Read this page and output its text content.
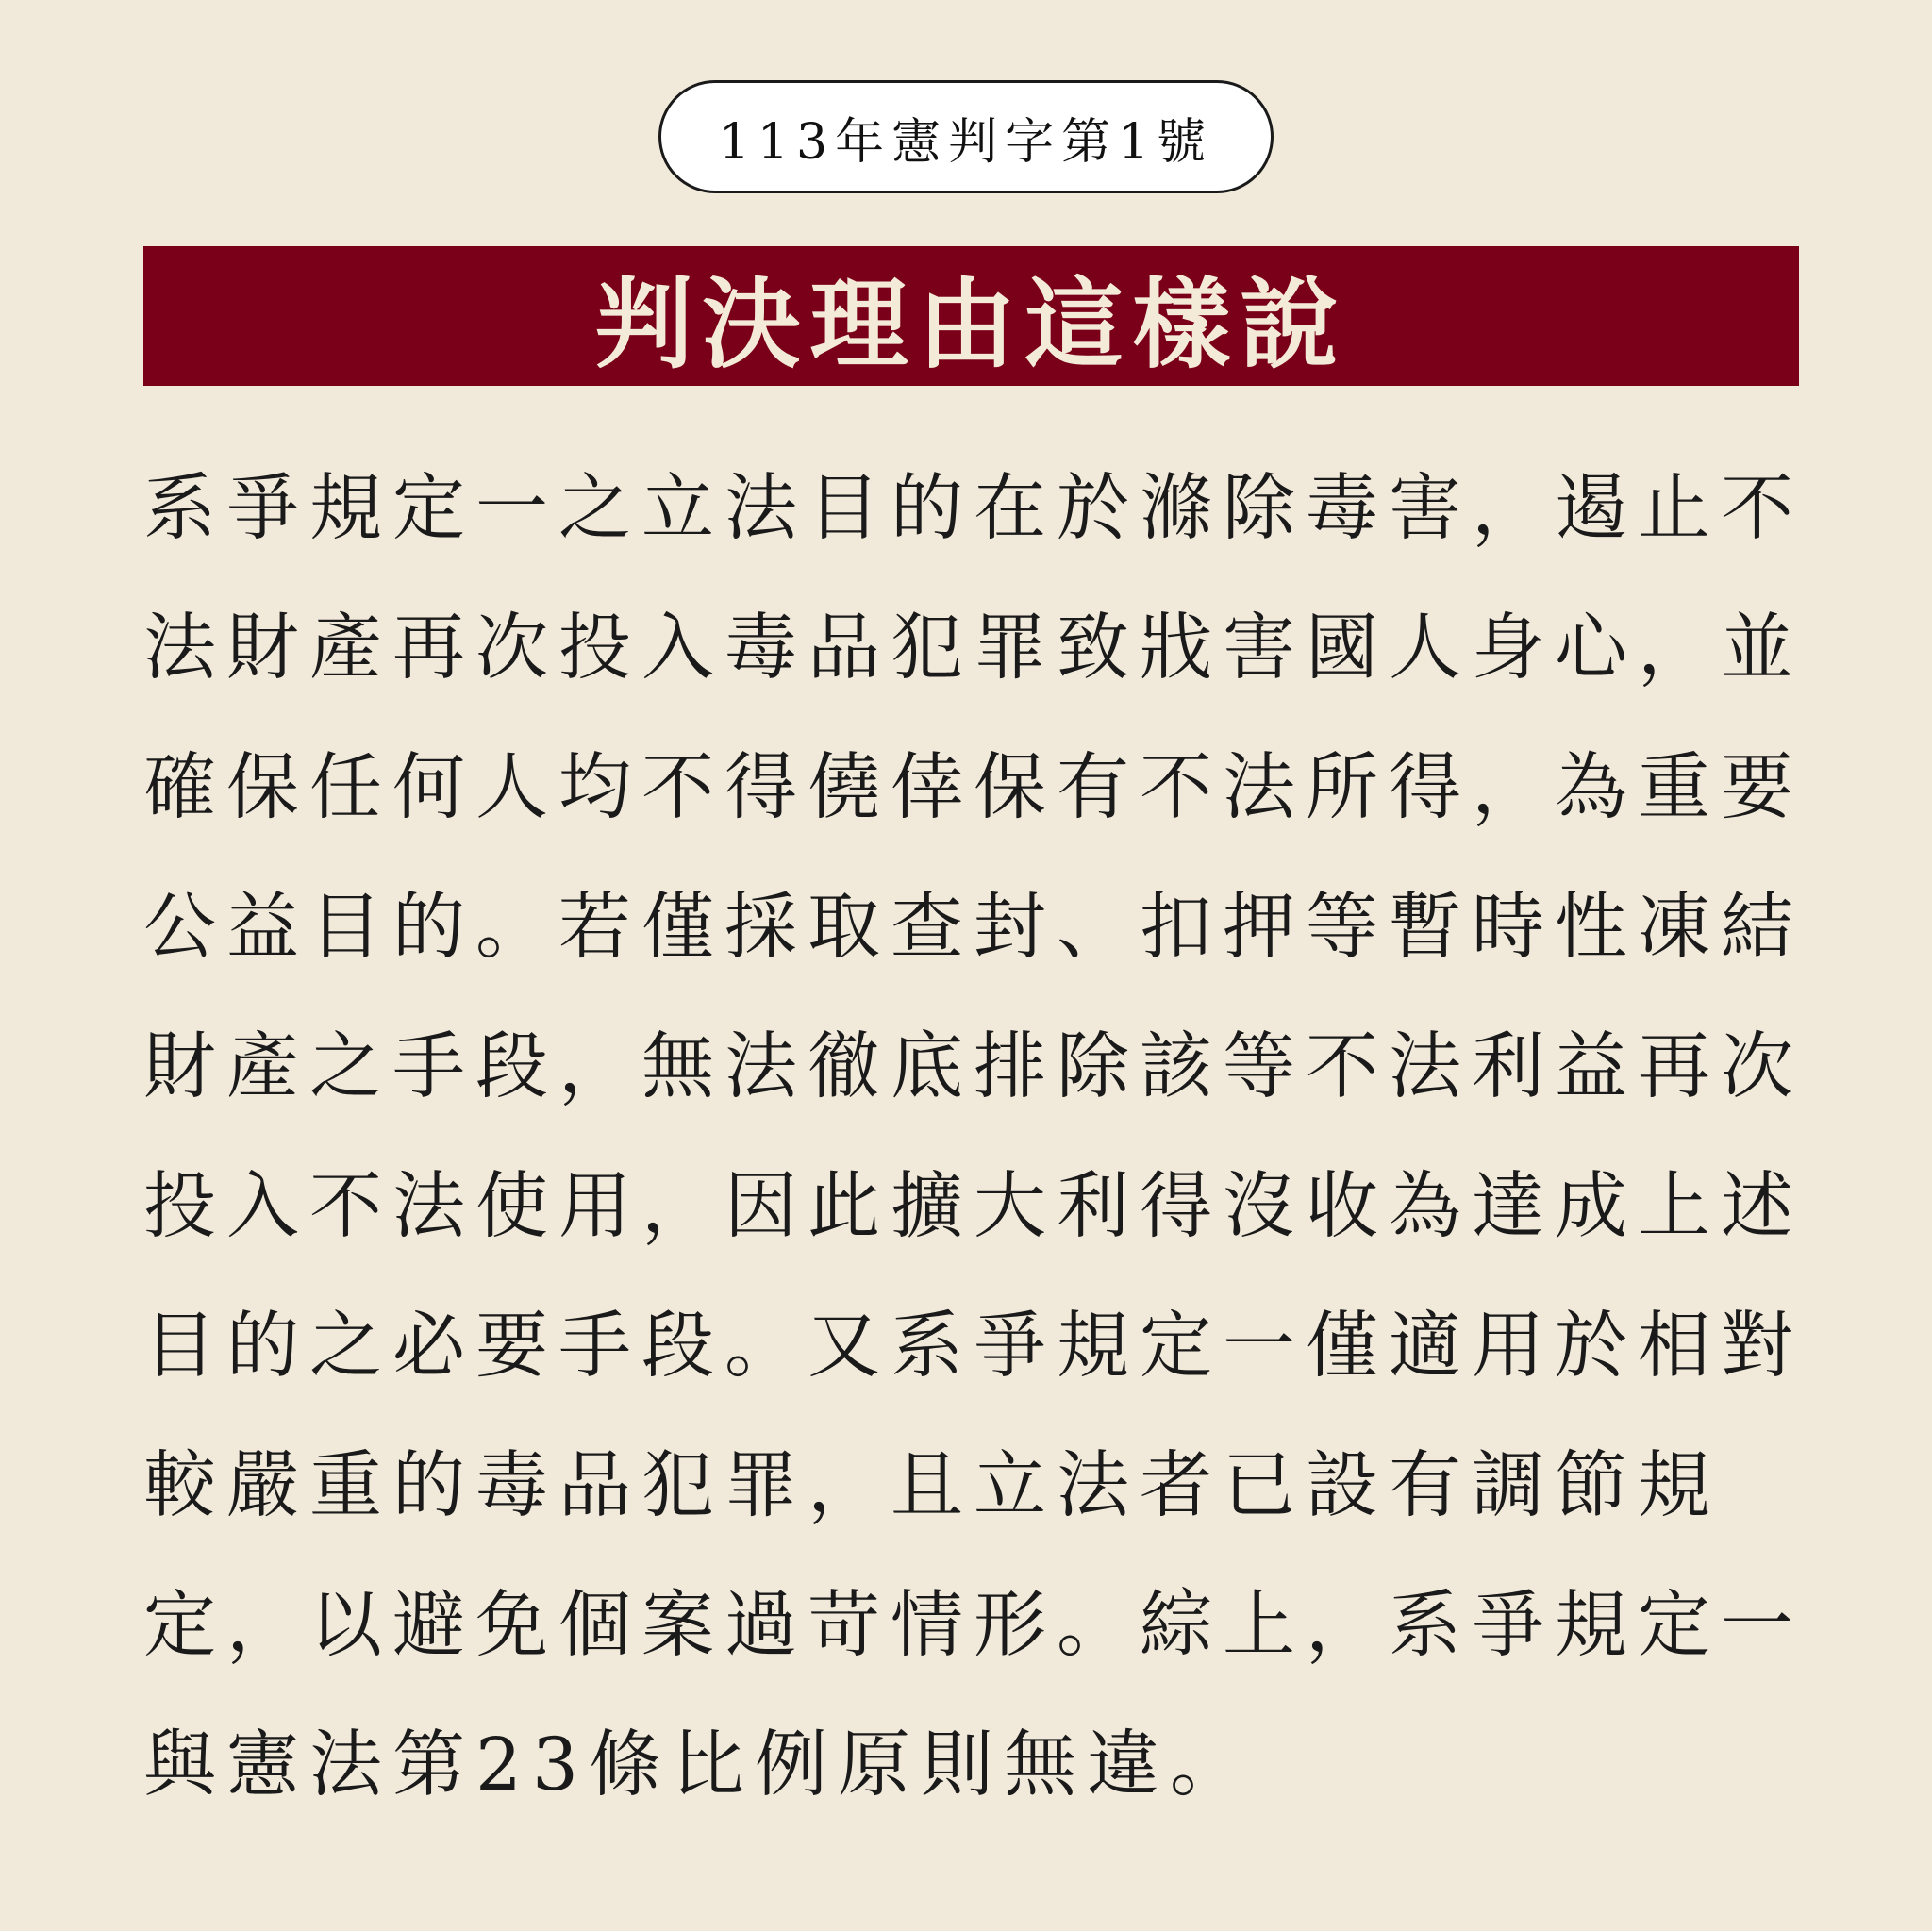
113年憲判字第1號
判決理由這樣說
系爭規定一之立法目的在於滌除毒害，遏止不
法財產再次投入毒品犯罪致戕害國人身心，並
確保任何人均不得僥倖保有不法所得，為重要
公益目的。若僅採取查封、扣押等暫時性凍結
財產之手段，無法徹底排除該等不法利益再次
投入不法使用，因此擴大利得沒收為達成上述
目的之必要手段。又系爭規定一僅適用於相對
較嚴重的毒品犯罪，且立法者已設有調節規
定，以避免個案過苛情形。綜上，系爭規定一
與憲法第23條比例原則無違。
